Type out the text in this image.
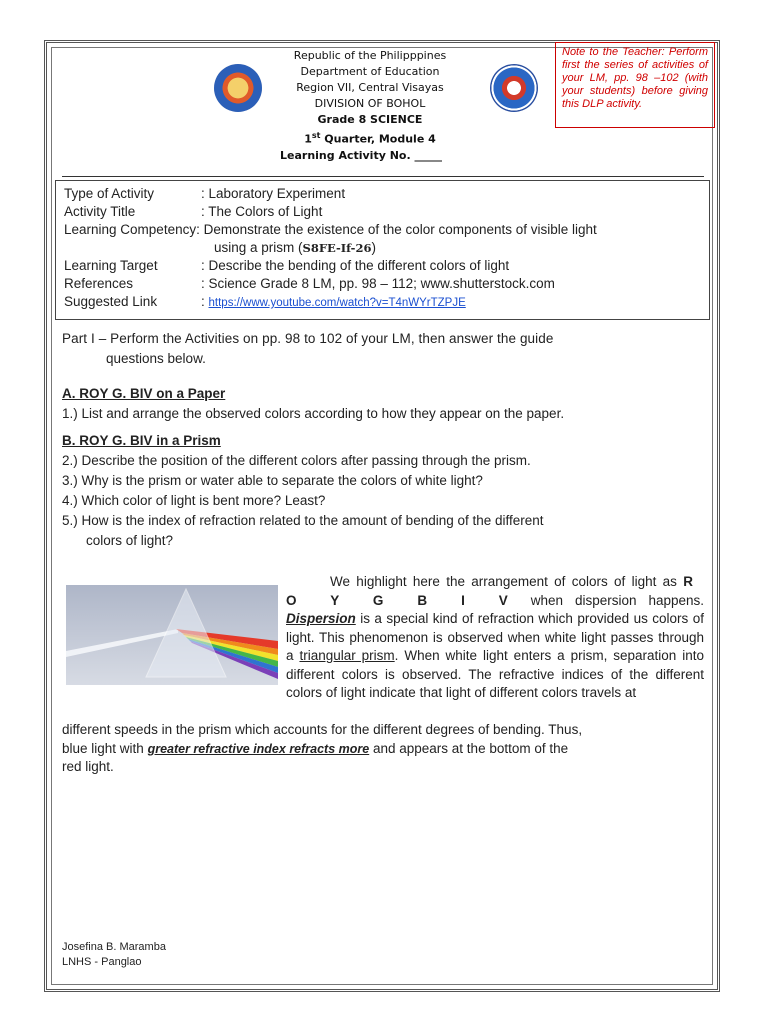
Republic of the Philipppines
Department of Education
Region VII, Central Visayas
DIVISION OF BOHOL
Grade 8 SCIENCE
1st Quarter, Module 4
Learning Activity No. _____
Note to the Teacher: Perform first the series of activities of your LM, pp. 98 –102 (with your students) before giving this DLP activity.
Type of Activity	: Laboratory Experiment
Activity Title	: The Colors of Light
Learning Competency: Demonstrate the existence of the color components of visible light
using a prism (S8FE-If-26)
Learning Target	: Describe the bending of the different colors of light
References	: Science Grade 8 LM, pp. 98 – 112; www.shutterstock.com
Suggested Link	: https://www.youtube.com/watch?v=T4nWYrTZPJE
Part I – Perform the Activities on pp. 98 to 102 of your LM, then answer the guide
questions below.
A. ROY G. BIV on a Paper
1.) List and arrange the observed colors according to how they appear on the paper.
B. ROY G. BIV in a Prism
2.) Describe the position of the different colors after passing through the prism.
3.) Why is the prism or water able to separate the colors of white light?
4.) Which color of light is bent more? Least?
5.) How is the index of refraction related to the amount of bending of the different
colors of light?
We highlight here the arrangement of colors of light as R O Y G B I V when dispersion happens. Dispersion is a special kind of refraction which provided us colors of light. This phenomenon is observed when white light passes through a triangular prism. When white light enters a prism, separation into different colors is observed. The refractive indices of the different colors of light indicate that light of different colors travels at
different speeds in the prism which accounts for the different degrees of bending. Thus,
blue light with greater refractive index refracts more and appears at the bottom of the
red light.
Josefina B. Maramba
LNHS - Panglao
